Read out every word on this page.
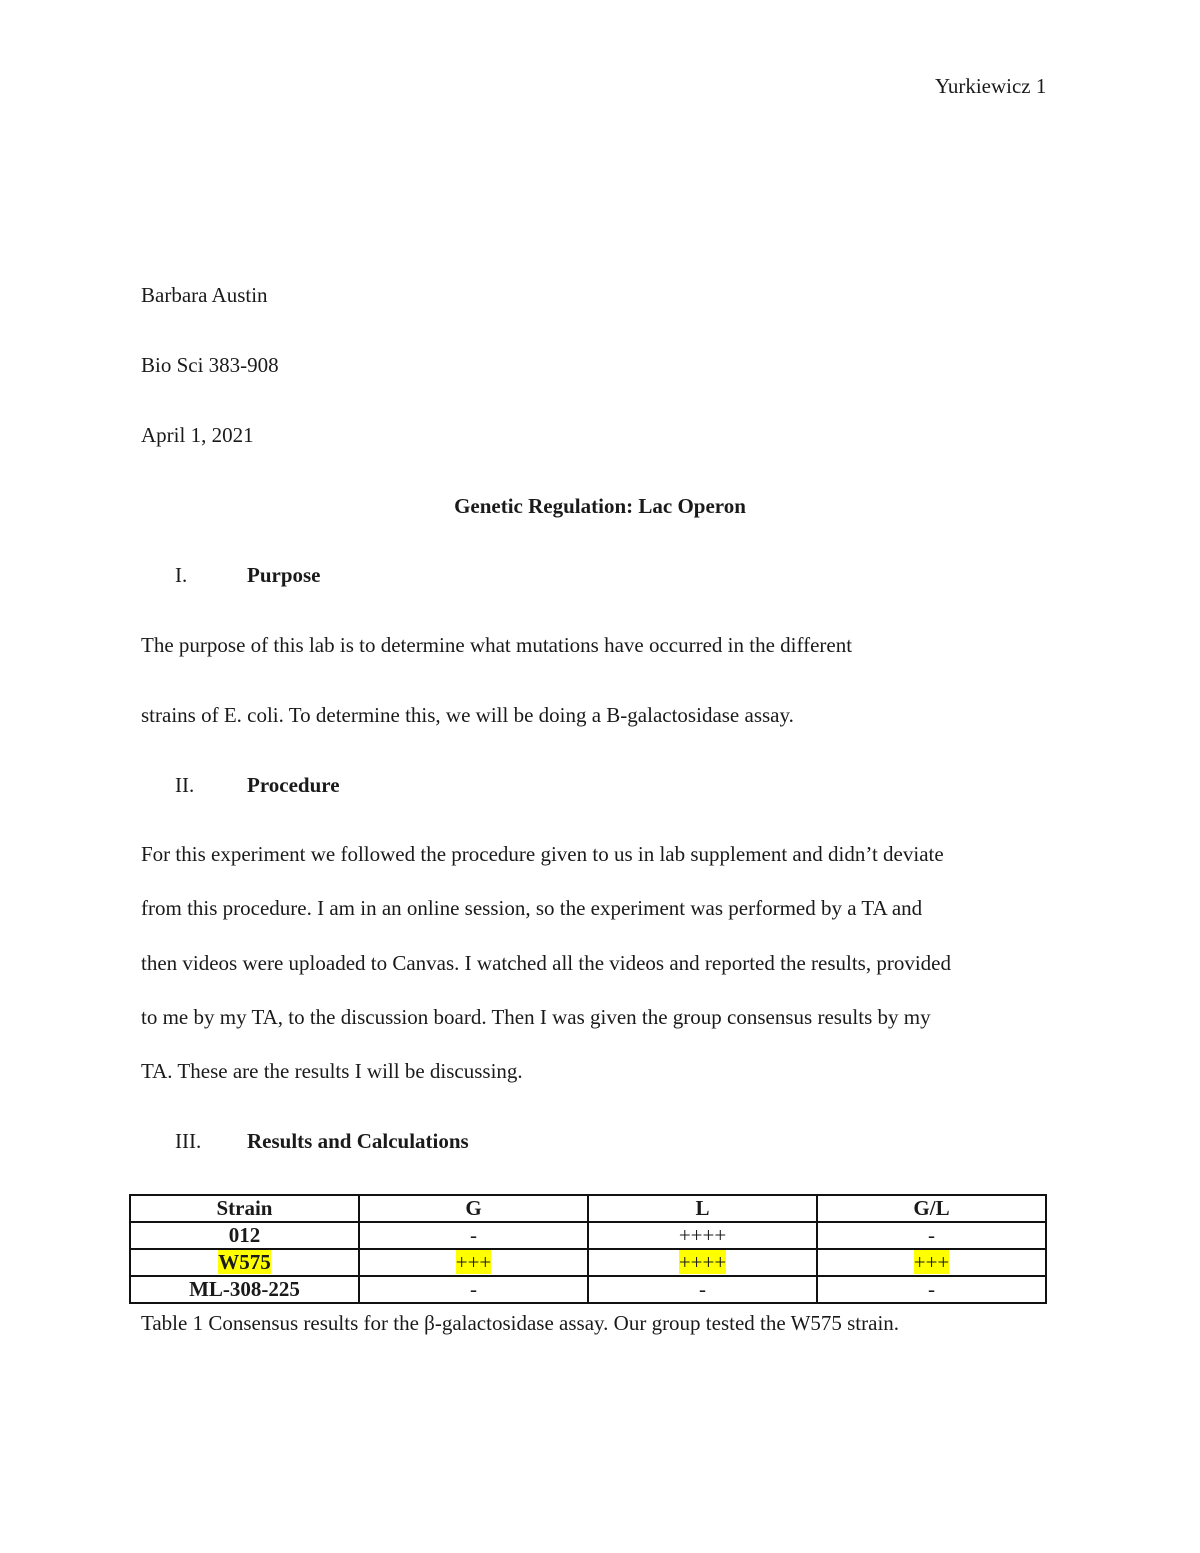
Yurkiewicz 1
Barbara Austin
Bio Sci 383-908
April 1, 2021
Genetic Regulation: Lac Operon
I.	Purpose
The purpose of this lab is to determine what mutations have occurred in the different
strains of E. coli. To determine this, we will be doing a B-galactosidase assay.
II.	Procedure
For this experiment we followed the procedure given to us in lab supplement and didn’t deviate
from this procedure. I am in an online session, so the experiment was performed by a TA and
then videos were uploaded to Canvas. I watched all the videos and reported the results, provided
to me by my TA, to the discussion board. Then I was given the group consensus results by my
TA. These are the results I will be discussing.
III. Results and Calculations
Strain	G	L	G/L
012	-	++++	-
W575	+++	++++	+++
ML-308-225	-	-	-
Table 1 Consensus results for the β-galactosidase assay. Our group tested the W575 strain.
